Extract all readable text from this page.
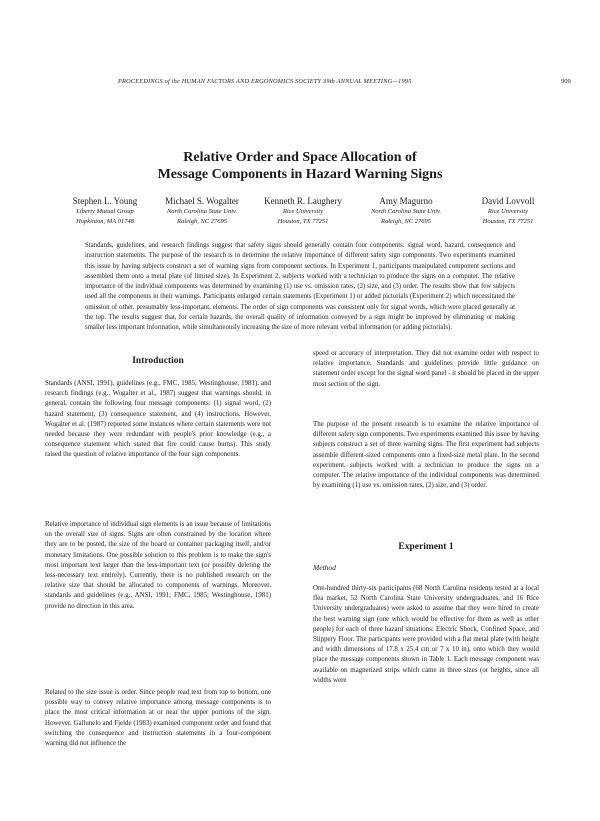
PROCEEDINGS of the HUMAN FACTORS AND ERGONOMICS SOCIETY 39th ANNUAL MEETING—1995	909
Relative Order and Space Allocation of
Message Components in Hazard Warning Signs
Stephen L. Young
Liberty Mutual Group
Hopkinton, MA 01748
Michael S. Wogalter
North Carolina State Univ.
Raleigh, NC 27695
Kenneth R. Laughery
Rice University
Houston, TX 77251
Amy Magurno
North Carolina State Univ.
Raleigh, NC 27695
David Lovvoll
Rice University
Houston, TX 77251
Standards, guidelines, and research findings suggest that safety signs should generally contain four components: signal word, hazard, consequence and instruction statements. The purpose of the research is to determine the relative importance of different safety sign components. Two experiments examined this issue by having subjects construct a set of warning signs from component sections. In Experiment 1, participants manipulated component sections and assembled them onto a metal plate (of limited size). In Experiment 2, subjects worked with a technician to produce the signs on a computer. The relative importance of the individual components was determined by examining (1) use vs. omission rates, (2) size, and (3) order. The results show that few subjects used all the components in their warnings. Participants enlarged certain statements (Experiment 1) or added pictorials (Experiment 2) which necessitated the omission of other, presumably less-important, elements. The order of sign components was consistent only for signal words, which were placed generally at the top. The results suggest that, for certain hazards, the overall quality of information conveyed by a sign might be improved by eliminating or making smaller less important information, while simultaneously increasing the size of more relevant verbal information (or adding pictorials).
Introduction

Standards (ANSI, 1991), guidelines (e.g., FMC, 1985; Westinghouse, 1981), and research findings (e.g., Wogalter et al., 1987) suggest that warnings should, in general, contain the following four message components: (1) signal word, (2) hazard statement, (3) consequence statement, and (4) instructions. However, Wogalter et al. (1987) reported some instances where certain statements were not needed because they were redundant with people's prior knowledge (e.g., a consequence statement which stated that fire could cause burns). This study raised the question of relative importance of the four sign components.

Relative importance of individual sign elements is an issue because of limitations on the overall size of signs. Signs are often constrained by the location where they are to be posted, the size of the board or container packaging itself, and/or monetary limitations. One possible solution to this problem is to make the sign's most important text larger than the less-important text (or possibly deleting the less-necessary text entirely). Currently, there is no published research on the relative size that should be allocated to components of warnings. Moreover, standards and guidelines (e.g., ANSI, 1991; FMC, 1985; Westinghouse, 1981) provide no direction in this area.

Related to the size issue is order. Since people read text from top to bottom, one possible way to convey relative importance among message components is to place the most critical information at or near the upper portions of the sign. However, Gallunelo and Fjelde (1983) examined component order and found that switching the consequence and instruction statements in a four-component warning did not influence the

speed or accuracy of interpretation. They did not examine order with respect to relative importance. Standards and guidelines provide little guidance on statement order except for the signal word panel - it should be placed in the upper most section of the sign.

The purpose of the present research is to examine the relative importance of different safety sign components. Two experiments examined this issue by having subjects construct a set of three warning signs. The first experiment had subjects assemble different-sized components onto a fixed-size metal plate. In the second experiment, subjects worked with a technician to produce the signs on a computer. The relative importance of the individual components was determined by examining (1) use vs. omission rates, (2) size, and (3) order.

Experiment 1
Method

One-hundred thirty-six participants (68 North Carolina residents tested at a local flea market, 52 North Carolina State University undergraduates, and 16 Rice University undergraduates) were asked to assume that they were hired to create the best warning sign (one which would be effective for them as well as other people) for each of three hazard situations: Electric Shock, Confined Space, and Slippery Floor. The participants were provided with a flat metal plate (with height and width dimensions of 17.8 x 25.4 cm or 7 x 10 in), onto which they would place the message components shown in Table 1. Each message component was available on magnetized strips which came in three sizes (or heights, since all widths were
